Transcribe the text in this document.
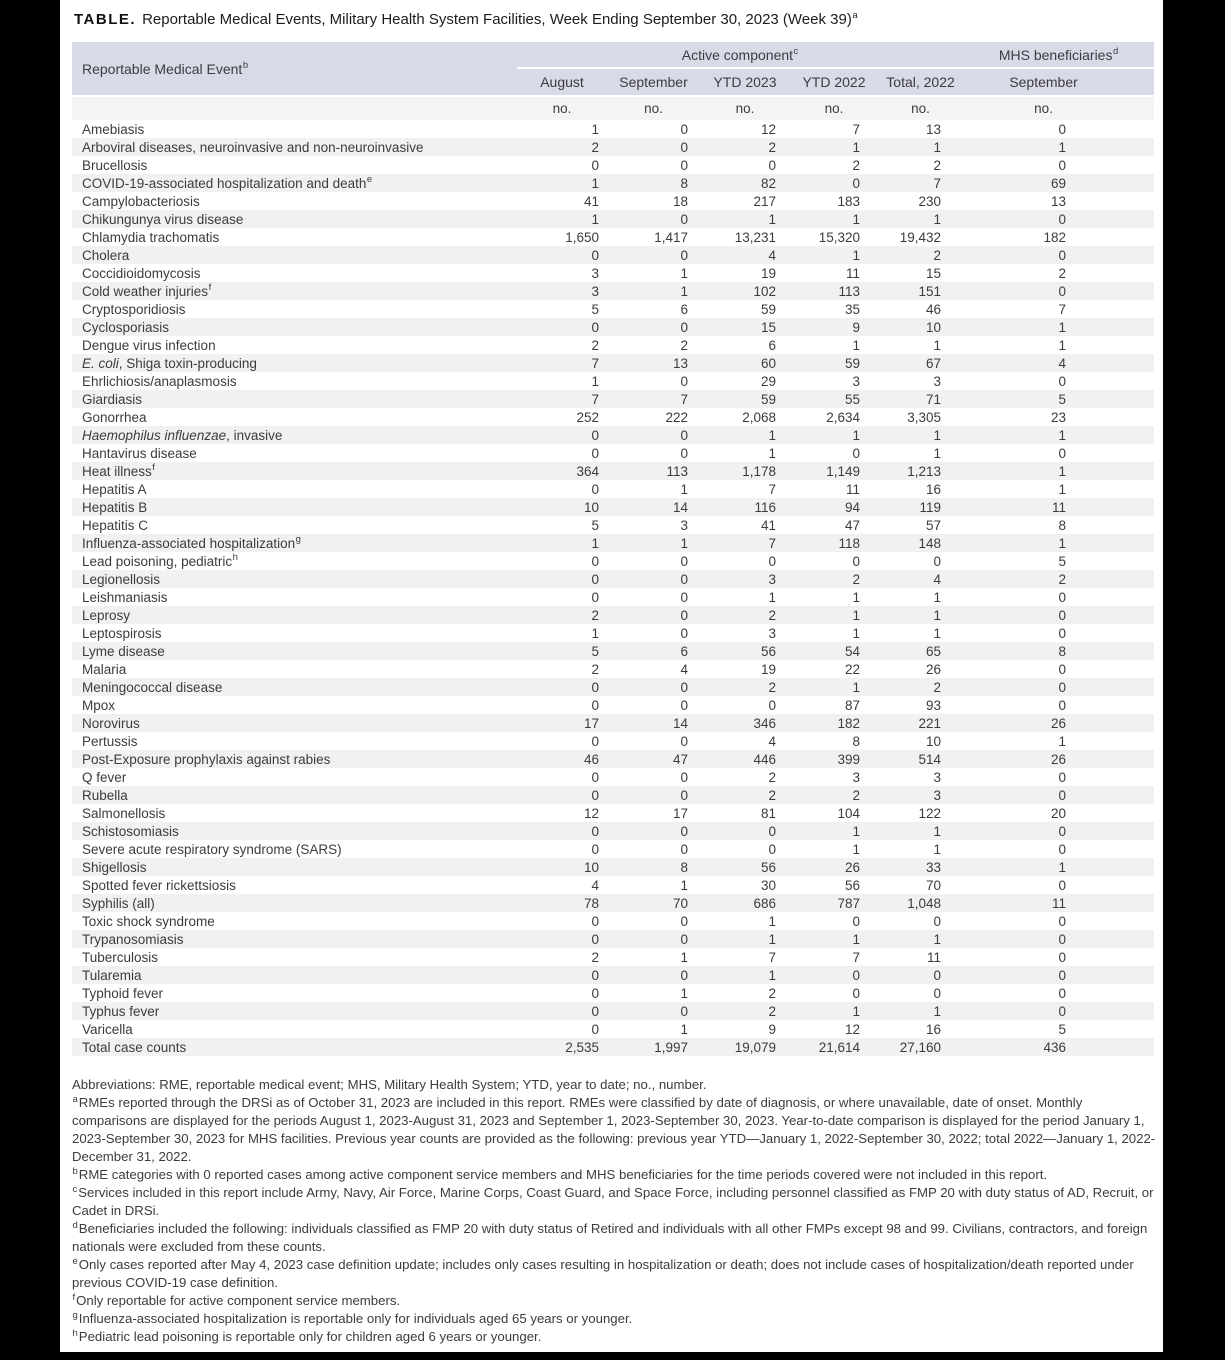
TABLE. Reportable Medical Events, Military Health System Facilities, Week Ending September 30, 2023 (Week 39)$^a$
Reportable Medical Event$^b$	Active component$^c$					MHS beneficiaries$^d$
	August	September	YTD 2023	YTD 2022	Total, 2022	September
	no.	no.	no.	no.	no.	no.
Amebiasis	1	0	12	7	13	0
Arboviral diseases, neuroinvasive and non-neuroinvasive	2	0	2	1	1	1
Brucellosis	0	0	0	2	2	0
COVID-19-associated hospitalization and death$^e$	1	8	82	0	7	69
Campylobacteriosis	41	18	217	183	230	13
Chikungunya virus disease	1	0	1	1	1	0
Chlamydia trachomatis	1,650	1,417	13,231	15,320	19,432	182
Cholera	0	0	4	1	2	0
Coccidioidomycosis	3	1	19	11	15	2
Cold weather injuries$^f$	3	1	102	113	151	0
Cryptosporidiosis	5	6	59	35	46	7
Cyclosporiasis	0	0	15	9	10	1
Dengue virus infection	2	2	6	1	1	1
E. coli, Shiga toxin-producing	7	13	60	59	67	4
Ehrlichiosis/anaplasmosis	1	0	29	3	3	0
Giardiasis	7	7	59	55	71	5
Gonorrhea	252	222	2,068	2,634	3,305	23
Haemophilus influenzae, invasive	0	0	1	1	1	1
Hantavirus disease	0	0	1	0	1	0
Heat illness$^f$	364	113	1,178	1,149	1,213	1
Hepatitis A	0	1	7	11	16	1
Hepatitis B	10	14	116	94	119	11
Hepatitis C	5	3	41	47	57	8
Influenza-associated hospitalization$^g$	1	1	7	118	148	1
Lead poisoning, pediatric$^h$	0	0	0	0	0	5
Legionellosis	0	0	3	2	4	2
Leishmaniasis	0	0	1	1	1	0
Leprosy	2	0	2	1	1	0
Leptospirosis	1	0	3	1	1	0
Lyme disease	5	6	56	54	65	8
Malaria	2	4	19	22	26	0
Meningococcal disease	0	0	2	1	2	0
Mpox	0	0	0	87	93	0
Norovirus	17	14	346	182	221	26
Pertussis	0	0	4	8	10	1
Post-Exposure prophylaxis against rabies	46	47	446	399	514	26
Q fever	0	0	2	3	3	0
Rubella	0	0	2	2	3	0
Salmonellosis	12	17	81	104	122	20
Schistosomiasis	0	0	0	1	1	0
Severe acute respiratory syndrome (SARS)	0	0	0	1	1	0
Shigellosis	10	8	56	26	33	1
Spotted fever rickettsiosis	4	1	30	56	70	0
Syphilis (all)	78	70	686	787	1,048	11
Toxic shock syndrome	0	0	1	0	0	0
Trypanosomiasis	0	0	1	1	1	0
Tuberculosis	2	1	7	7	11	0
Tularemia	0	0	1	0	0	0
Typhoid fever	0	1	2	0	0	0
Typhus fever	0	0	2	1	1	0
Varicella	0	1	9	12	16	5
Total case counts	2,535	1,997	19,079	21,614	27,160	436

Abbreviations: RME, reportable medical event; MHS, Military Health System; YTD, year to date; no., number.

$^a$RMEs reported through the DRSi as of October 31, 2023 are included in this report. RMEs were classified by date of diagnosis, or where unavailable, date of onset. Monthly comparisons are displayed for the periods August 1, 2023-August 31, 2023 and September 1, 2023-September 30, 2023. Year-to-date comparison is displayed for the period January 1, 2023-September 30, 2023 for MHS facilities. Previous year counts are provided as the following: previous year YTD—January 1, 2022-September 30, 2022; total 2022—January 1, 2022-December 31, 2022.

$^b$RME categories with 0 reported cases among active component service members and MHS beneficiaries for the time periods covered were not included in this report.

$^c$Services included in this report include Army, Navy, Air Force, Marine Corps, Coast Guard, and Space Force, including personnel classified as FMP 20 with duty status of AD, Recruit, or Cadet in DRSi.

$^d$Beneficiaries included the following: individuals classified as FMP 20 with duty status of Retired and individuals with all other FMPs except 98 and 99. Civilians, contractors, and foreign nationals were excluded from these counts.

$^e$Only cases reported after May 4, 2023 case definition update; includes only cases resulting in hospitalization or death; does not include cases of hospitalization/death reported under previous COVID-19 case definition.

$^f$Only reportable for active component service members.

$^g$Influenza-associated hospitalization is reportable only for individuals aged 65 years or younger.

$^h$Pediatric lead poisoning is reportable only for children aged 6 years or younger.
